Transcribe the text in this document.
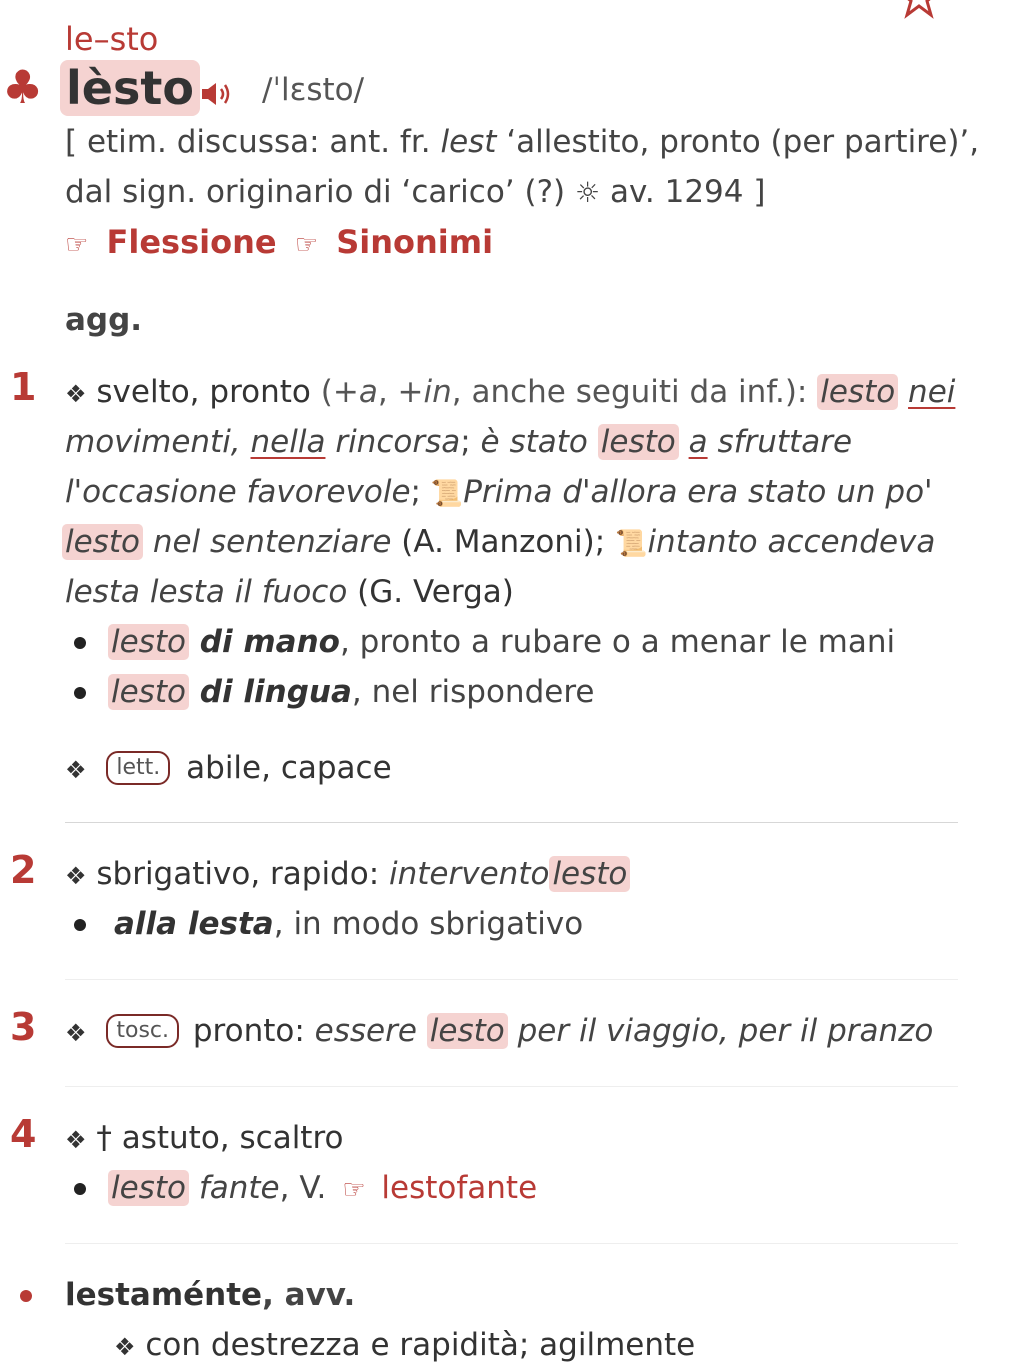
le–sto
♣ lèsto /ˈlɛsto/
[ etim. discussa: ant. fr. lest ‘allestito, pronto (per partire)’,
dal sign. originario di ‘carico’ (?) ☼ av. 1294 ]
☞ Flessione ☞ Sinonimi
agg.
1 ❖ svelto, pronto (+a, +in, anche seguiti da inf.): lesto nei
movimenti, nella rincorsa; è stato lesto a sfruttare
l'occasione favorevole; 📜Prima d'allora era stato un po'
lesto nel sentenziare (A. Manzoni); 📜intanto accendeva
lesta lesta il fuoco (G. Verga)
lesto di mano, pronto a rubare o a menar le mani
lesto di lingua, nel rispondere
❖ lett. abile, capace
2 ❖ sbrigativo, rapido: interventolesto
alla lesta, in modo sbrigativo
3 ❖ tosc. pronto: essere lesto per il viaggio, per il pranzo
4 ❖ † astuto, scaltro
lesto fante, V. ☞ lestofante
lestaménte, avv.
❖ con destrezza e rapidità; agilmente
